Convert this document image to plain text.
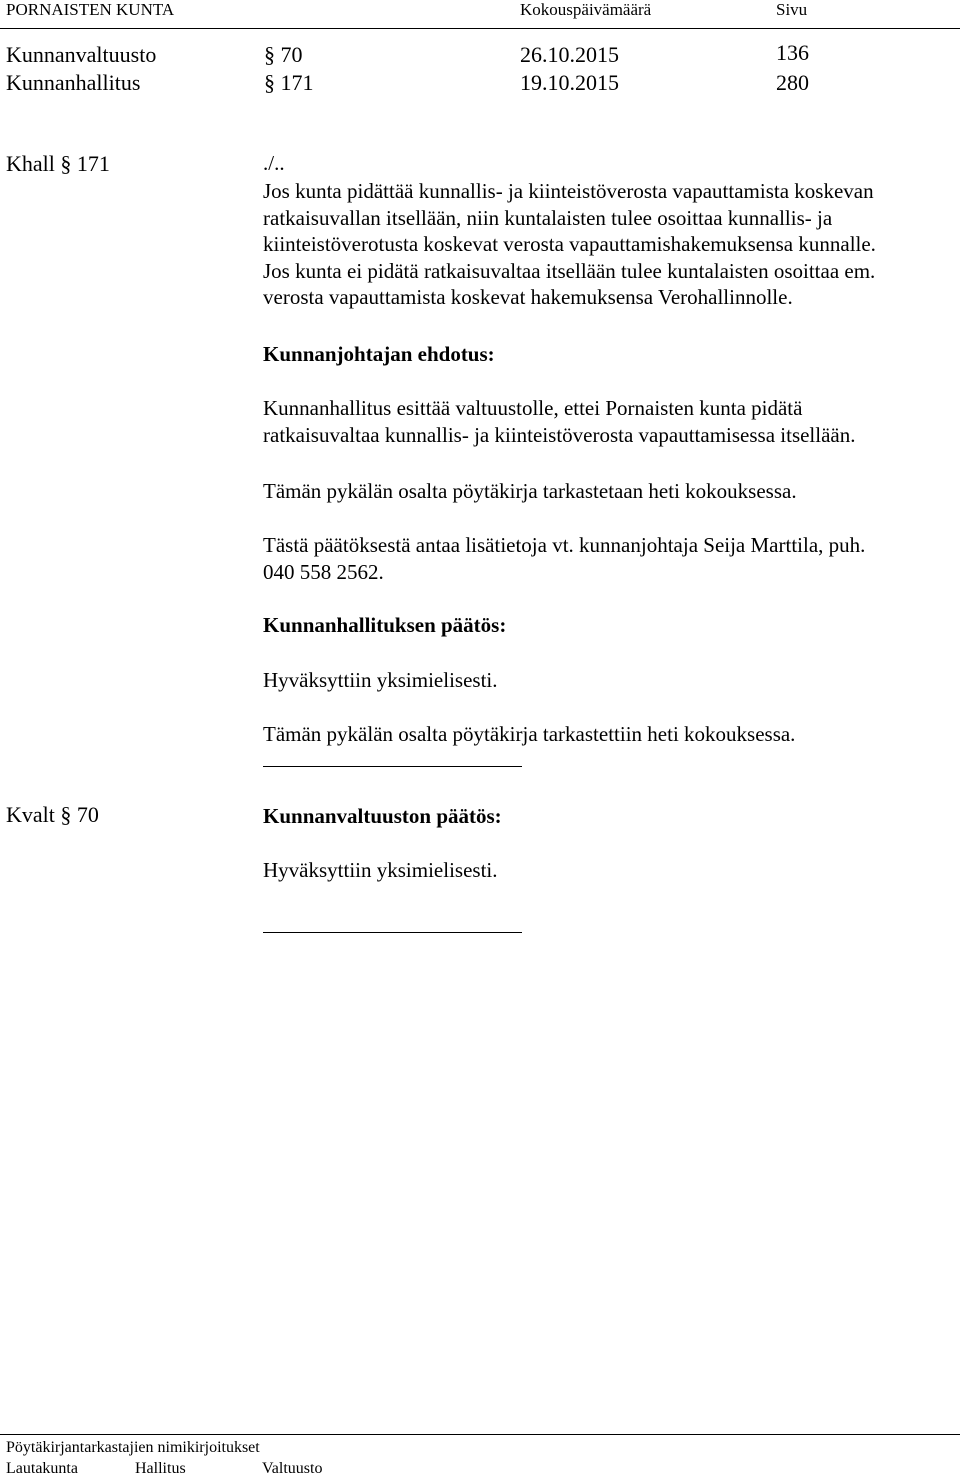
PORNAISTEN KUNTA	Kokouspäivämäärä	Sivu
Kunnanvaltuusto	§ 70	26.10.2015	136
Kunnanhallitus	§ 171	19.10.2015	280
Khall § 171	./..
Jos kunta pidättää kunnallis- ja kiinteistöverosta vapauttamista koskevan
ratkaisuvallan itsellään, niin kuntalaisten tulee osoittaa kunnallis- ja
kiinteistöverotusta koskevat verosta vapauttamishakemuksensa kunnalle.
Jos kunta ei pidätä ratkaisuvaltaa itsellään tulee kuntalaisten osoittaa em.
verosta vapauttamista koskevat hakemuksensa Verohallinnolle.
Kunnanjohtajan ehdotus:
Kunnanhallitus esittää valtuustolle, ettei Pornaisten kunta pidätä
ratkaisuvaltaa kunnallis- ja kiinteistöverosta vapauttamisessa itsellään.
Tämän pykälän osalta pöytäkirja tarkastetaan heti kokouksessa.
Tästä päätöksestä antaa lisätietoja vt. kunnanjohtaja Seija Marttila, puh.
040 558 2562.
Kunnanhallituksen päätös:
Hyväksyttiin yksimielisesti.
Tämän pykälän osalta pöytäkirja tarkastettiin heti kokouksessa.
Kvalt § 70	Kunnanvaltuuston päätös:
Hyväksyttiin yksimielisesti.
Pöytäkirjantarkastajien nimikirjoitukset
Lautakunta	Hallitus	Valtuusto
